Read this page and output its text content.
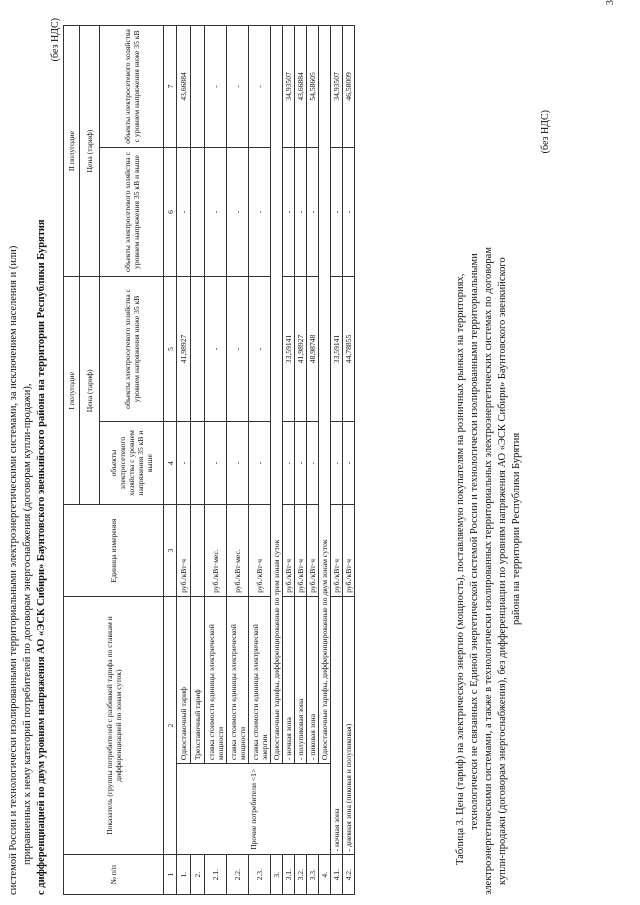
системой России и технологически изолированными территориальными электроэнергетическими системами, за исключением населения и (или) приравненных к нему категорий потребителей по договорам энергоснабжения (договорам купли-продажи), с дифференциацией по двум уровням напряжения АО «ЭСК Сибири» Баунтовского эвенкийского района на территории Республики Бурятия
(без НДС)
№ п/п	Показатель (группы потребителей с разбивкой тарифа по ставкам и дифференциацией по зонам суток)		Единица измерения	I полугодие		II полугодие	
				Цена (тариф)		Цена (тариф)	
				объекты электросетевого хозяйства с уровнем напряжения 35 кВ и выше	объекты электросетевого хозяйства с уровнем напряжения ниже 35 кВ	объекты электросетевого хозяйства с уровнем напряжения 35 кВ и выше	объекты электросетевого хозяйства с уровнем напряжения ниже 35 кВ
1	2		3	4	5	6	7
1.	Прочие потребители <1>	Одноставочный тариф	руб./кВт·ч	-	41,98927	-	43,66884
2.		Трехставочный тариф					
2.1.		ставка стоимости единицы электрической мощности	руб./кВт·мес.	-	-	-	-
2.2.		ставка стоимости единицы электрической мощности	руб./кВт·мес.	-	-	-	-
2.3.		ставка стоимости единицы электрической энергии	руб./кВт·ч	-	-	-	-
3.		Одноставочные тарифы, дифференцированные по трем зонам суток					
3.1.		- ночная зона	руб./кВт·ч	-	33,59141	-	34,93507
3.2.		- полупиковая зона	руб./кВт·ч	-	41,98927	-	43,66884
3.3.		- пиковая зона	руб./кВт·ч	-	48,98748	-	54,58605
4.		Одноставочные тарифы, дифференцированные по двум зонам суток					
4.1.	- ночная зона		руб./кВт·ч	-	33,59141	-	34,93507
4.2.	- дневная зона (пиковая и полупиковая)		руб./кВт·ч	-	44,78855	-	46,58009
Таблица 3. Цена (тариф) на электрическую энергию (мощность), поставляемую покупателям на розничных рынках на территориях, технологически не связанных с Единой энергетической системой России и технологически изолированными территориальными электроэнергетическими системами, а также в технологически изолированных территориальных электроэнергетических системах по договорам купли-продажи (договорам энергоснабжения), без дифференциации по уровням напряжения АО «ЭСК Сибири» Баунтовского эвенкийского района на территории Республики Бурятия
(без НДС)
3
